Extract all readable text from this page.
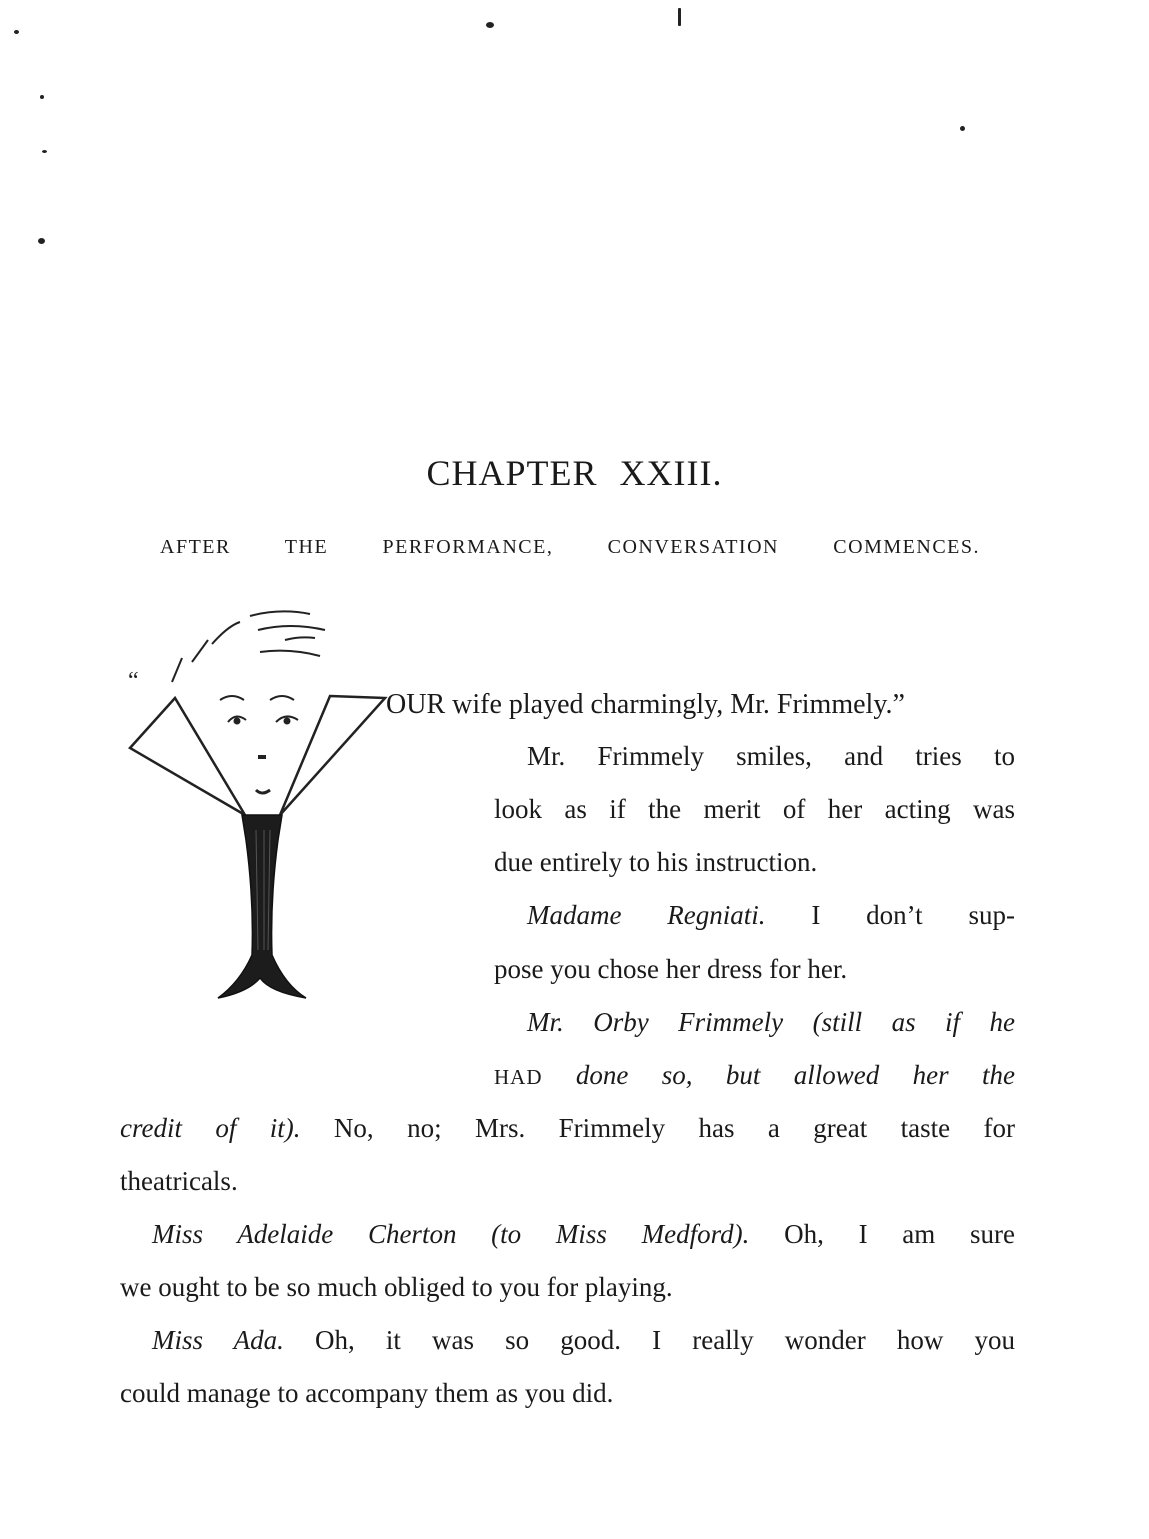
CHAPTER XXIII.
AFTER THE PERFORMANCE, CONVERSATION COMMENCES.
“
OUR wife played charmingly, Mr. Frimmely.”
Mr. Frimmely smiles, and tries to
look as if the merit of her acting was
due entirely to his instruction.
Madame Regniati. I don’t sup-
pose you chose her dress for her.
Mr. Orby Frimmely (still as if he
HAD done so, but allowed her the
credit of it). No, no; Mrs. Frimmely has a great taste for
theatricals.
Miss Adelaide Cherton (to Miss Medford). Oh, I am sure
we ought to be so much obliged to you for playing.
Miss Ada. Oh, it was so good. I really wonder how you
could manage to accompany them as you did.
